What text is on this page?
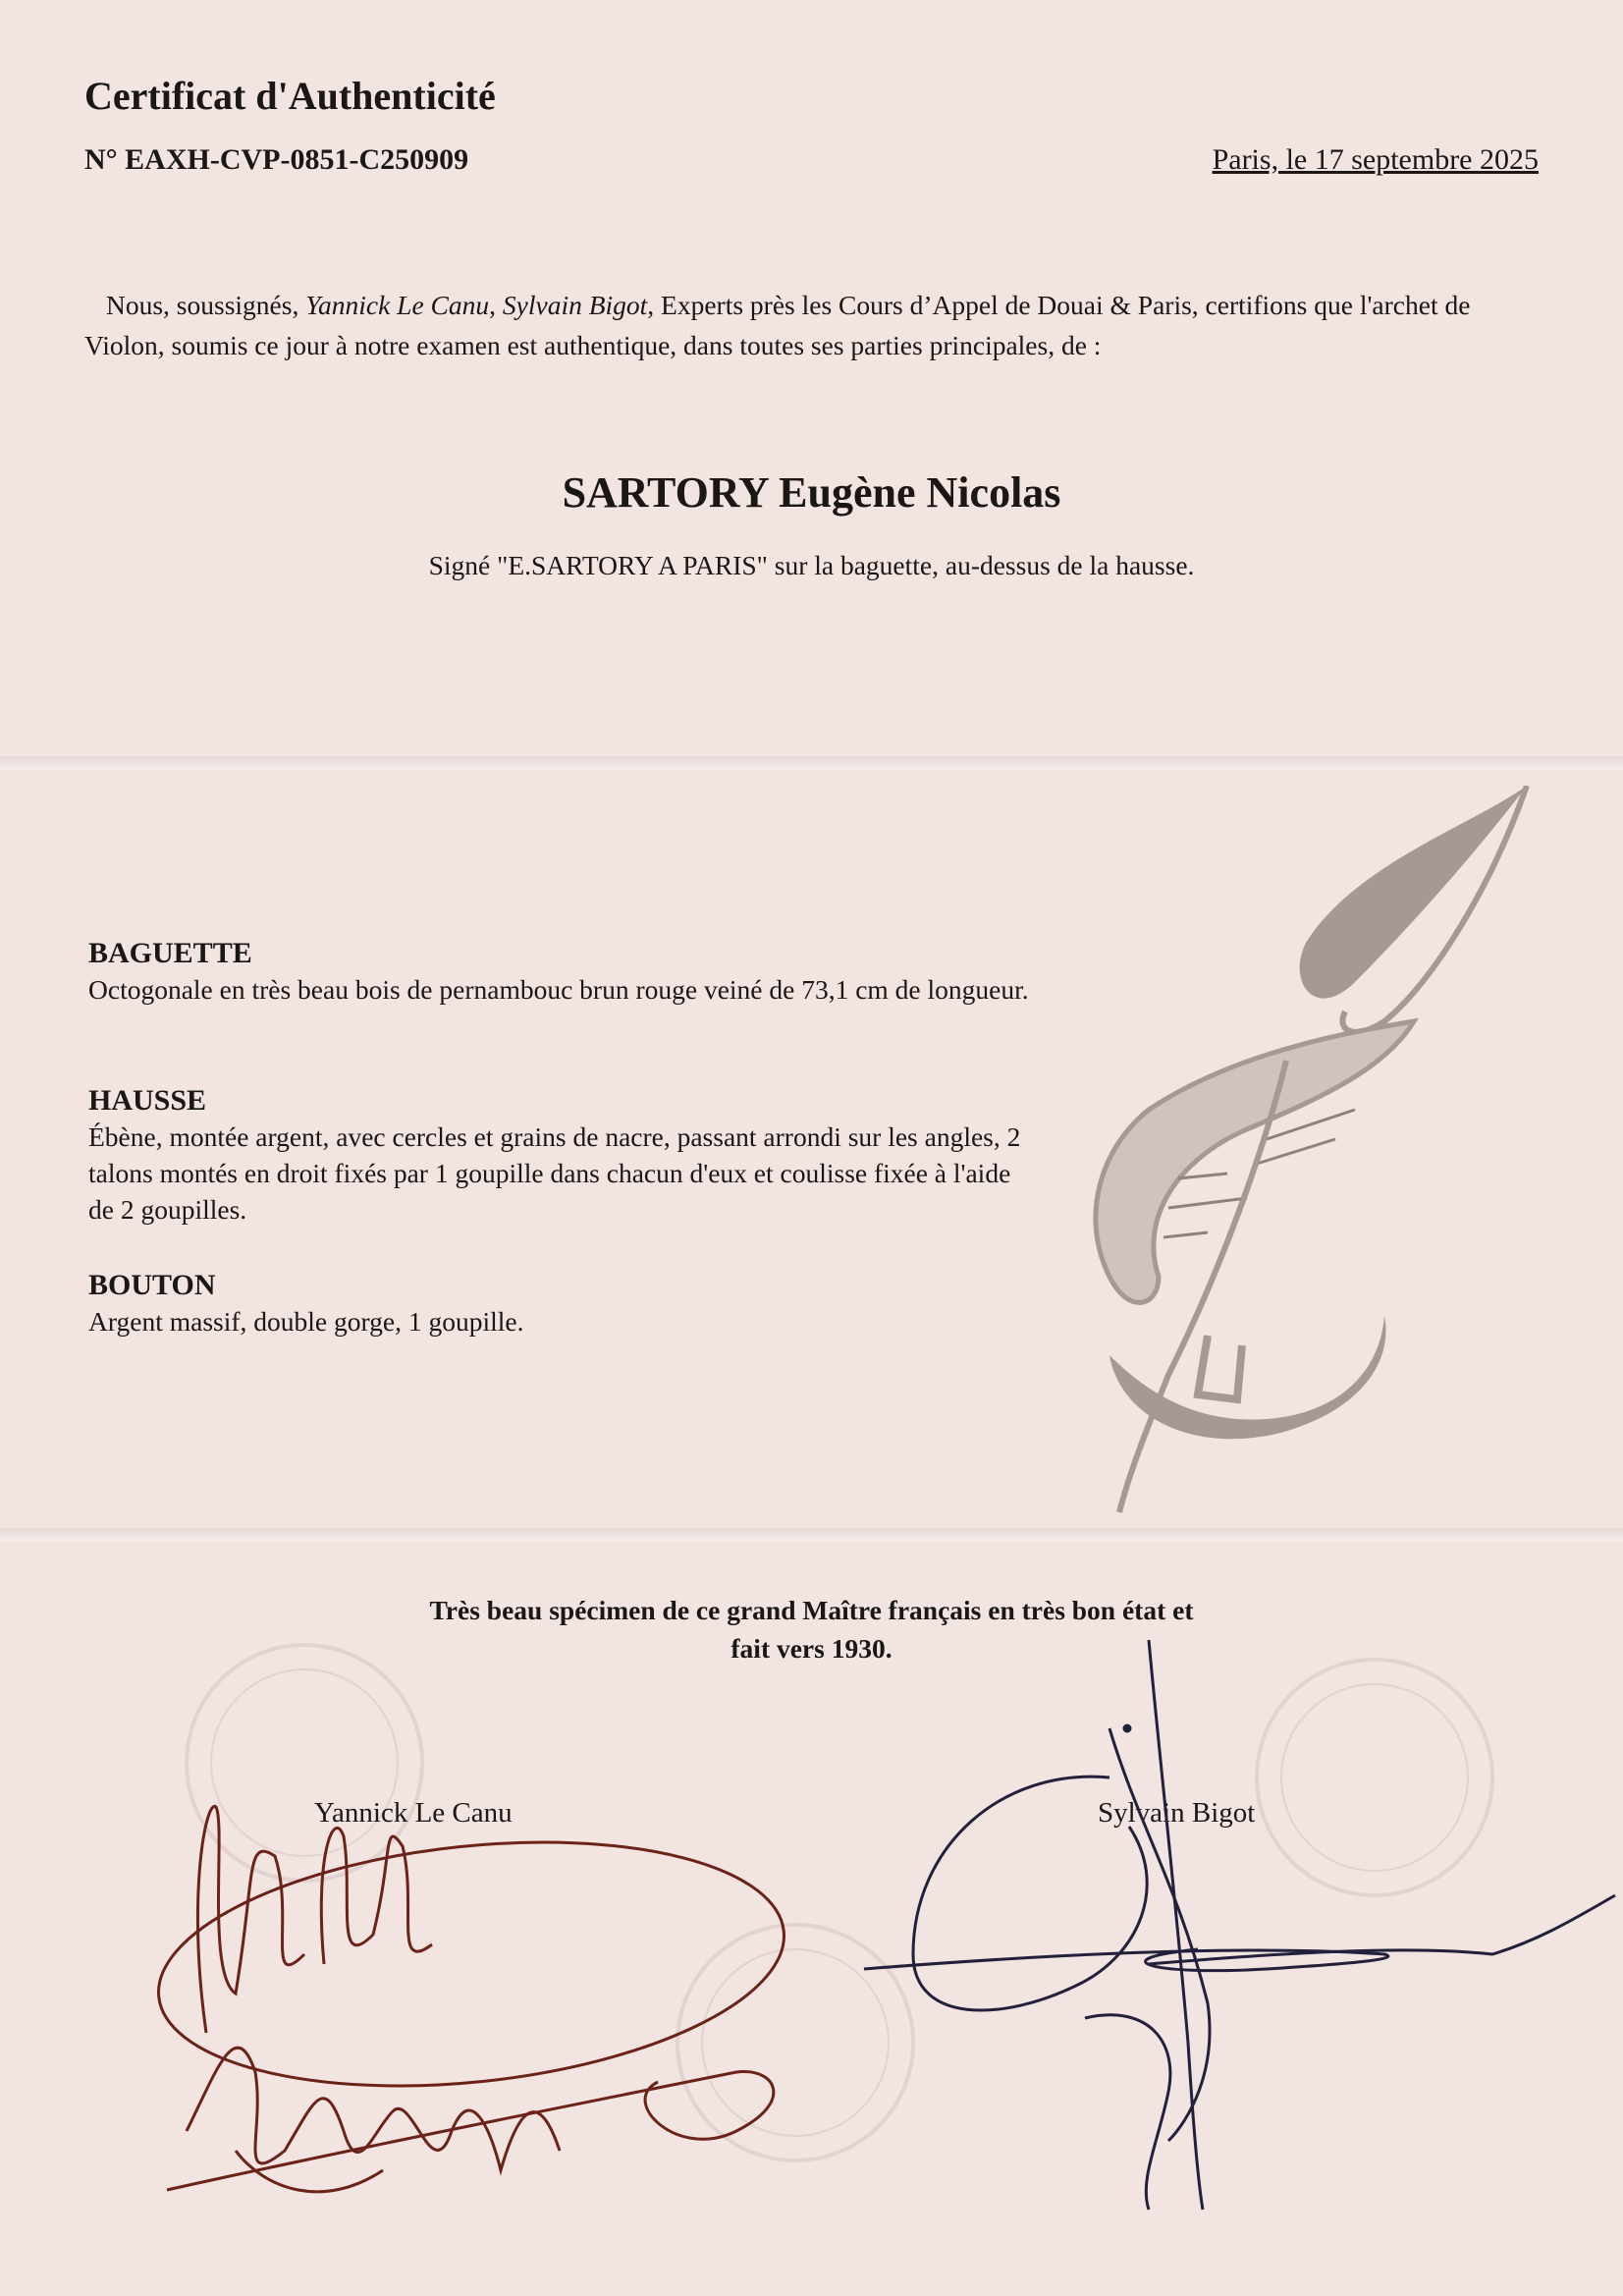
Certificat d'Authenticité
N° EAXH-CVP-0851-C250909	Paris, le 17 septembre 2025
Nous, soussignés, Yannick Le Canu, Sylvain Bigot, Experts près les Cours d’Appel de Douai & Paris, certifions que l'archet de Violon, soumis ce jour à notre examen est authentique, dans toutes ses parties principales, de :
SARTORY Eugène Nicolas
Signé "E.SARTORY A PARIS" sur la baguette, au-dessus de la hausse.
BAGUETTE
Octogonale en très beau bois de pernambouc brun rouge veiné de 73,1 cm de longueur.
HAUSSE
Ébène, montée argent, avec cercles et grains de nacre, passant arrondi sur les angles, 2 talons montés en droit fixés par 1 goupille dans chacun d'eux et coulisse fixée à l'aide de 2 goupilles.
BOUTON
Argent massif, double gorge, 1 goupille.
Très beau spécimen de ce grand Maître français en très bon état et
fait vers 1930.
Yannick Le Canu	Sylvain Bigot
